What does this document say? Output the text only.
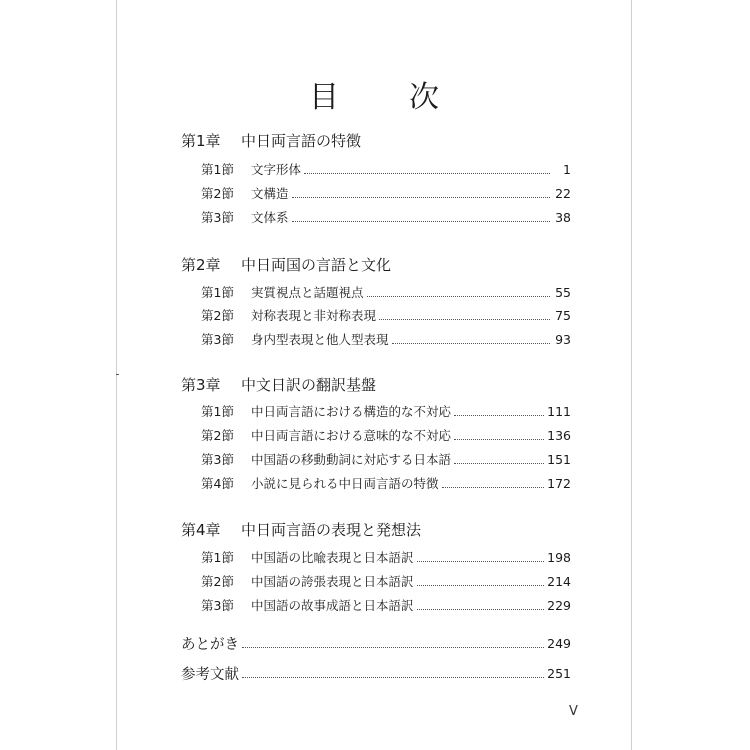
目　次
第1章 中日両言語の特徴
第1節	文字形体	1
第2節	文構造	22
第3節	文体系	38
第2章 中日両国の言語と文化
第1節	実質視点と話題視点	55
第2節	対称表現と非対称表現	75
第3節	身内型表現と他人型表現	93
第3章 中文日訳の翻訳基盤
第1節	中日両言語における構造的な不対応	111
第2節	中日両言語における意味的な不対応	136
第3節	中国語の移動動詞に対応する日本語	151
第4節	小説に見られる中日両言語の特徴	172
第4章 中日両言語の表現と発想法
第1節	中国語の比喩表現と日本語訳	198
第2節	中国語の誇張表現と日本語訳	214
第3節	中国語の故事成語と日本語訳	229
あとがき	249
参考文献	251
V
